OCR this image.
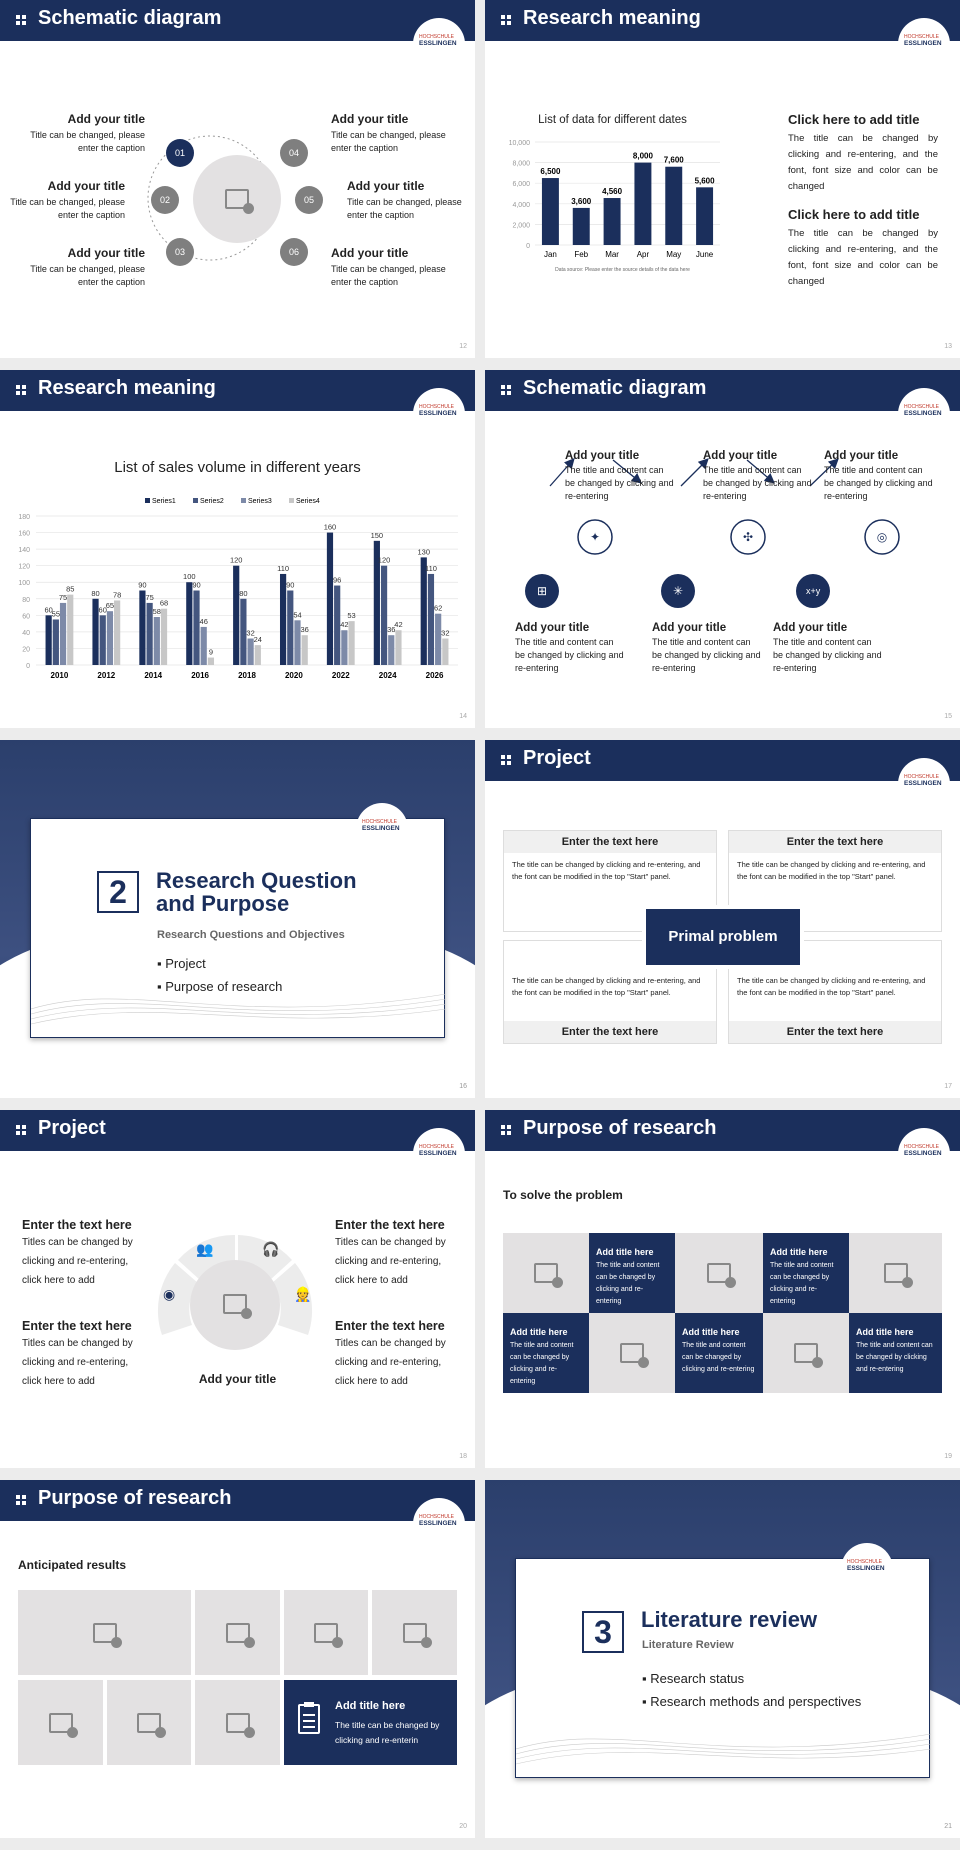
Schematic diagram
HOCHSCHULE
ESSLINGEN
01
02
03
04
05
06
Add your title
Title can be changed, please enter the caption
Add your title
Title can be changed, please enter the caption
Add your title
Title can be changed, please enter the caption
Add your title
Title can be changed, please enter the caption
Add your title
Title can be changed, please enter the caption
Add your title
Title can be changed, please enter the caption
12
Research meaning
HOCHSCHULE
ESSLINGEN
List of data for different dates
0
2,000
4,000
6,000
8,000
10,000
6,500
Jan
3,600
Feb
4,560
Mar
8,000
Apr
7,600
May
5,600
June
Data source: Please enter the source details of the data here
Click here to add title
The title can be changed by clicking and re-entering, and the font, font size and color can be changed
Click here to add title
The title can be changed by clicking and re-entering, and the font, font size and color can be changed
13
Research meaning
HOCHSCHULE
ESSLINGEN
List of sales volume in different years
Series1	Series2	Series3	Series4
0
20
40
60
80
100
120
140
160
180
60
55
75
85
2010
80
60
65
78
2012
90
75
58
68
2014
100
90
46
9
2016
120
80
32
24
2018
110
90
54
36
2020
160
96
42
53
2022
150
120
36
42
2024
130
110
62
32
2026
14
Schematic diagram
HOCHSCHULE
ESSLINGEN
✦	✣	◎
⊞	✳	x+y
Add your title
The title and content can be changed by clicking and re-entering
Add your title
The title and content can be changed by clicking and re-entering
Add your title
The title and content can be changed by clicking and re-entering
Add your title
The title and content can be changed by clicking and re-entering
Add your title
The title and content can be changed by clicking and re-entering
Add your title
The title and content can be changed by clicking and re-entering
15
HOCHSCHULE
ESSLINGEN
2	Research Question and Purpose
Research Questions and Objectives
▪ Project
▪ Purpose of research
16
Project
HOCHSCHULE
ESSLINGEN
Enter the text here
The title can be changed by clicking and re-entering, and the font can be modified in the top "Start" panel.
Enter the text here
The title can be changed by clicking and re-entering, and the font can be modified in the top "Start" panel.
The title can be changed by clicking and re-entering, and the font can be modified in the top "Start" panel.
Enter the text here
The title can be changed by clicking and re-entering, and the font can be modified in the top "Start" panel.
Enter the text here
Primal problem
17
Project
HOCHSCHULE
ESSLINGEN
👥	🎧
◉	👷
Add your title
Enter the text here
Titles can be changed by clicking and re-entering, click here to add
Enter the text here
Titles can be changed by clicking and re-entering, click here to add
Enter the text here
Titles can be changed by clicking and re-entering, click here to add
Enter the text here
Titles can be changed by clicking and re-entering, click here to add
18
Purpose of research
HOCHSCHULE
ESSLINGEN
To solve the problem
Add title here
The title and content can be changed by clicking and re-entering
Add title here
The title and content can be changed by clicking and re-entering
Add title here
The title and content can be changed by clicking and re-entering
Add title here
The title and content can be changed by clicking and re-entering
Add title here
The title and content can be changed by clicking and re-entering
19
Purpose of research
HOCHSCHULE
ESSLINGEN
Anticipated results
Add title here
The title can be changed by clicking and re-enterin
20
HOCHSCHULE
ESSLINGEN
3	Literature review
Literature Review
▪ Research status
▪ Research methods and perspectives
21
